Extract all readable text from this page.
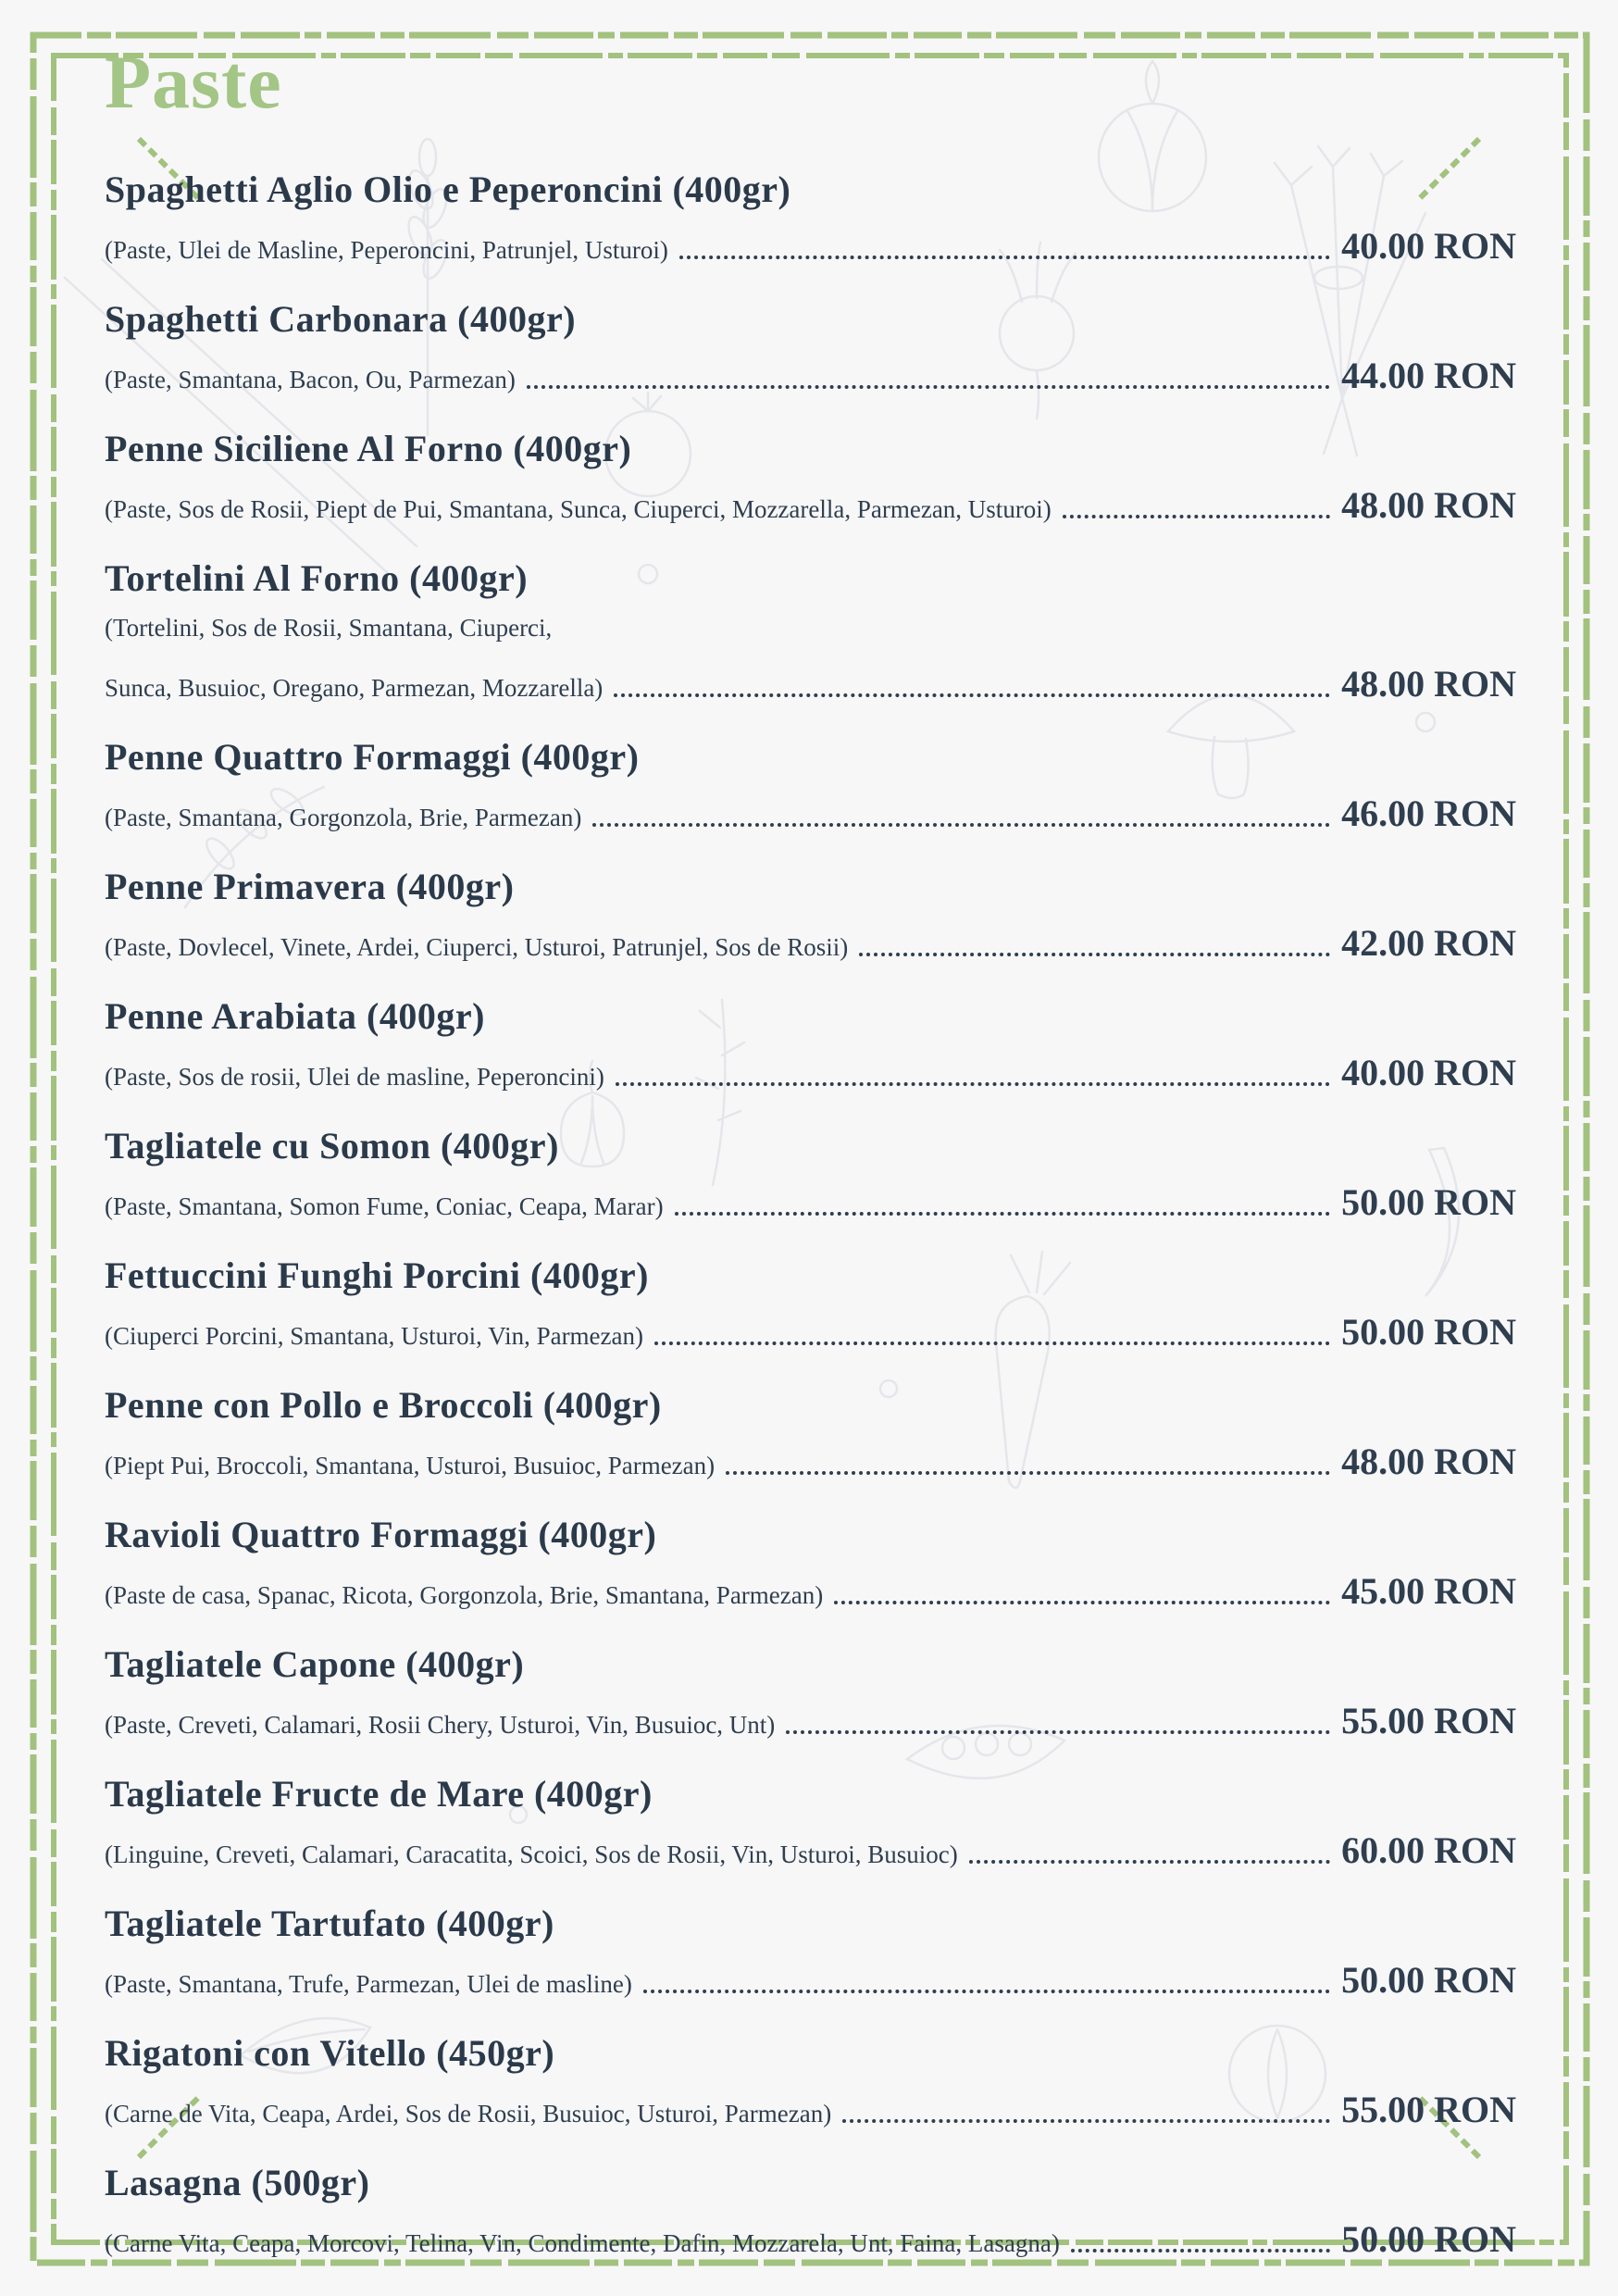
Paste
Spaghetti Aglio Olio e Peperoncini (400gr)
(Paste, Ulei de Masline, Peperoncini, Patrunjel, Usturoi)	40.00 RON
Spaghetti Carbonara (400gr)
(Paste, Smantana, Bacon, Ou, Parmezan)	44.00 RON
Penne Siciliene Al Forno (400gr)
(Paste, Sos de Rosii, Piept de Pui, Smantana, Sunca, Ciuperci, Mozzarella, Parmezan, Usturoi)	48.00 RON
Tortelini Al Forno (400gr)
(Tortelini, Sos de Rosii, Smantana, Ciuperci,
Sunca, Busuioc, Oregano, Parmezan, Mozzarella)	48.00 RON
Penne Quattro Formaggi (400gr)
(Paste, Smantana, Gorgonzola, Brie, Parmezan)	46.00 RON
Penne Primavera (400gr)
(Paste, Dovlecel, Vinete, Ardei, Ciuperci, Usturoi, Patrunjel, Sos de Rosii)	42.00 RON
Penne Arabiata (400gr)
(Paste, Sos de rosii, Ulei de masline, Peperoncini)	40.00 RON
Tagliatele cu Somon (400gr)
(Paste, Smantana, Somon Fume, Coniac, Ceapa, Marar)	50.00 RON
Fettuccini Funghi Porcini (400gr)
(Ciuperci Porcini, Smantana, Usturoi, Vin, Parmezan)	50.00 RON
Penne con Pollo e Broccoli (400gr)
(Piept Pui, Broccoli, Smantana, Usturoi, Busuioc, Parmezan)	48.00 RON
Ravioli Quattro Formaggi (400gr)
(Paste de casa, Spanac, Ricota, Gorgonzola, Brie, Smantana, Parmezan)	45.00 RON
Tagliatele Capone (400gr)
(Paste, Creveti, Calamari, Rosii Chery, Usturoi, Vin, Busuioc, Unt)	55.00 RON
Tagliatele Fructe de Mare (400gr)
(Linguine, Creveti, Calamari, Caracatita, Scoici, Sos de Rosii, Vin, Usturoi, Busuioc)	60.00 RON
Tagliatele Tartufato (400gr)
(Paste, Smantana, Trufe, Parmezan, Ulei de masline)	50.00 RON
Rigatoni con Vitello (450gr)
(Carne de Vita, Ceapa, Ardei, Sos de Rosii, Busuioc, Usturoi, Parmezan)	55.00 RON
Lasagna (500gr)
(Carne Vita, Ceapa, Morcovi, Telina, Vin, Condimente, Dafin, Mozzarela, Unt, Faina, Lasagna)	50.00 RON
